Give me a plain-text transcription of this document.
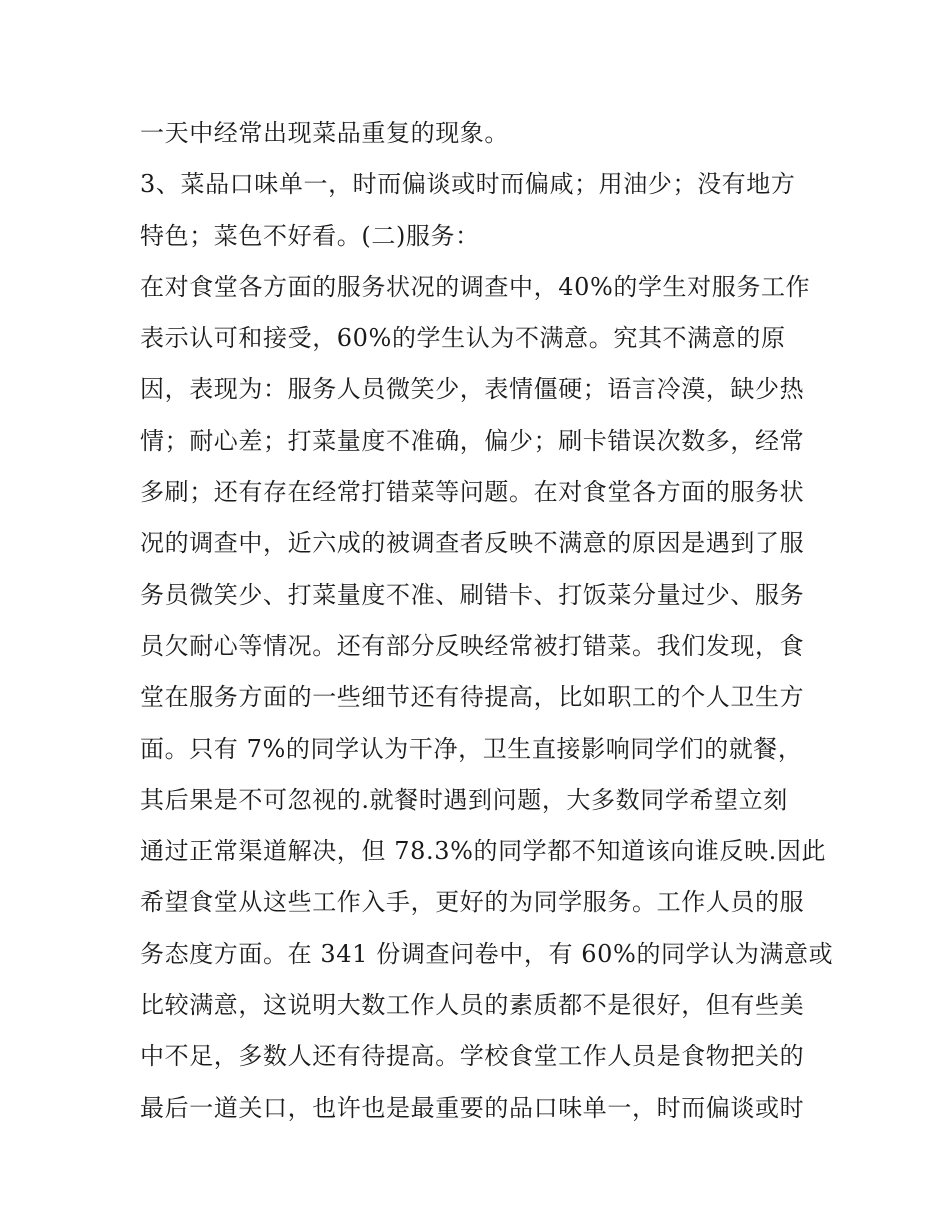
一天中经常出现菜品重复的现象。
3、菜品口味单一，时而偏谈或时而偏咸；用油少；没有地方
特色；菜色不好看。(二)服务：
在对食堂各方面的服务状况的调查中，40%的学生对服务工作
表示认可和接受，60%的学生认为不满意。究其不满意的原
因，表现为：服务人员微笑少，表情僵硬；语言冷漠，缺少热
情；耐心差；打菜量度不准确，偏少；刷卡错误次数多，经常
多刷；还有存在经常打错菜等问题。在对食堂各方面的服务状
况的调查中，近六成的被调查者反映不满意的原因是遇到了服
务员微笑少、打菜量度不准、刷错卡、打饭菜分量过少、服务
员欠耐心等情况。还有部分反映经常被打错菜。我们发现，食
堂在服务方面的一些细节还有待提高，比如职工的个人卫生方
面。只有 7%的同学认为干净，卫生直接影响同学们的就餐，
其后果是不可忽视的.就餐时遇到问题，大多数同学希望立刻
通过正常渠道解决，但 78.3%的同学都不知道该向谁反映.因此
希望食堂从这些工作入手，更好的为同学服务。工作人员的服
务态度方面。在 341 份调查问卷中，有 60%的同学认为满意或
比较满意，这说明大数工作人员的素质都不是很好，但有些美
中不足，多数人还有待提高。学校食堂工作人员是食物把关的
最后一道关口，也许也是最重要的品口味单一，时而偏谈或时
